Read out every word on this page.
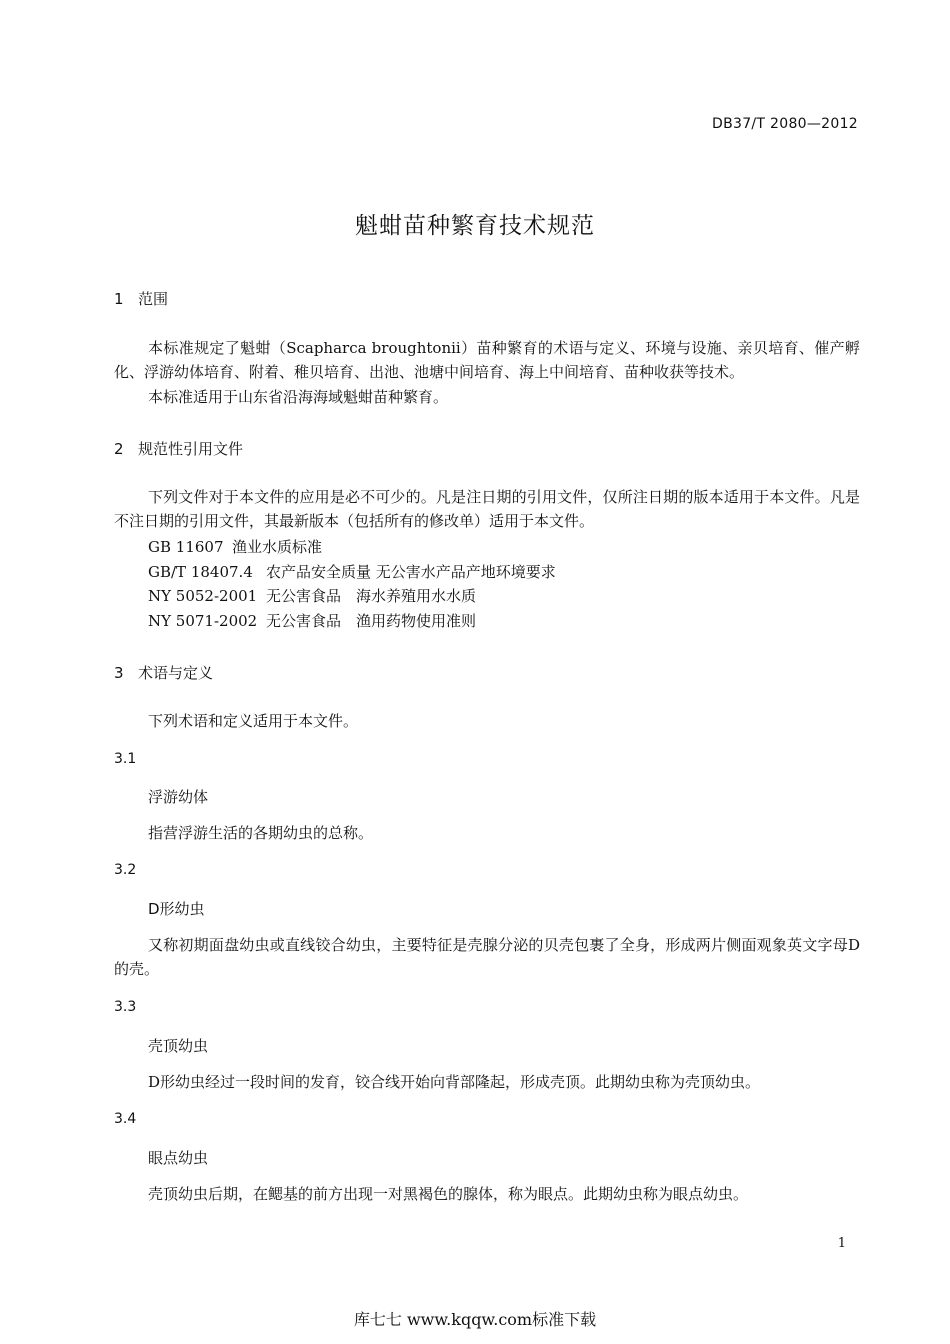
DB37/T 2080—2012
魁蚶苗种繁育技术规范
1 范围
本标准规定了魁蚶（Scapharca broughtonii）苗种繁育的术语与定义、环境与设施、亲贝培育、催产孵化、浮游幼体培育、附着、稚贝培育、出池、池塘中间培育、海上中间培育、苗种收获等技术。
本标准适用于山东省沿海海域魁蚶苗种繁育。
2 规范性引用文件
下列文件对于本文件的应用是必不可少的。凡是注日期的引用文件，仅所注日期的版本适用于本文件。凡是不注日期的引用文件，其最新版本（包括所有的修改单）适用于本文件。
GB 11607 渔业水质标准
GB/T 18407.4 农产品安全质量 无公害水产品产地环境要求
NY 5052-2001 无公害食品　海水养殖用水水质
NY 5071-2002 无公害食品　渔用药物使用准则
3 术语与定义
下列术语和定义适用于本文件。
3.1
浮游幼体
指营浮游生活的各期幼虫的总称。
3.2
D形幼虫
又称初期面盘幼虫或直线铰合幼虫，主要特征是壳腺分泌的贝壳包裹了全身，形成两片侧面观象英文字母D的壳。
3.3
壳顶幼虫
D形幼虫经过一段时间的发育，铰合线开始向背部隆起，形成壳顶。此期幼虫称为壳顶幼虫。
3.4
眼点幼虫
壳顶幼虫后期，在鳃基的前方出现一对黑褐色的腺体，称为眼点。此期幼虫称为眼点幼虫。
1
库七七 www.kqqw.com标准下载
